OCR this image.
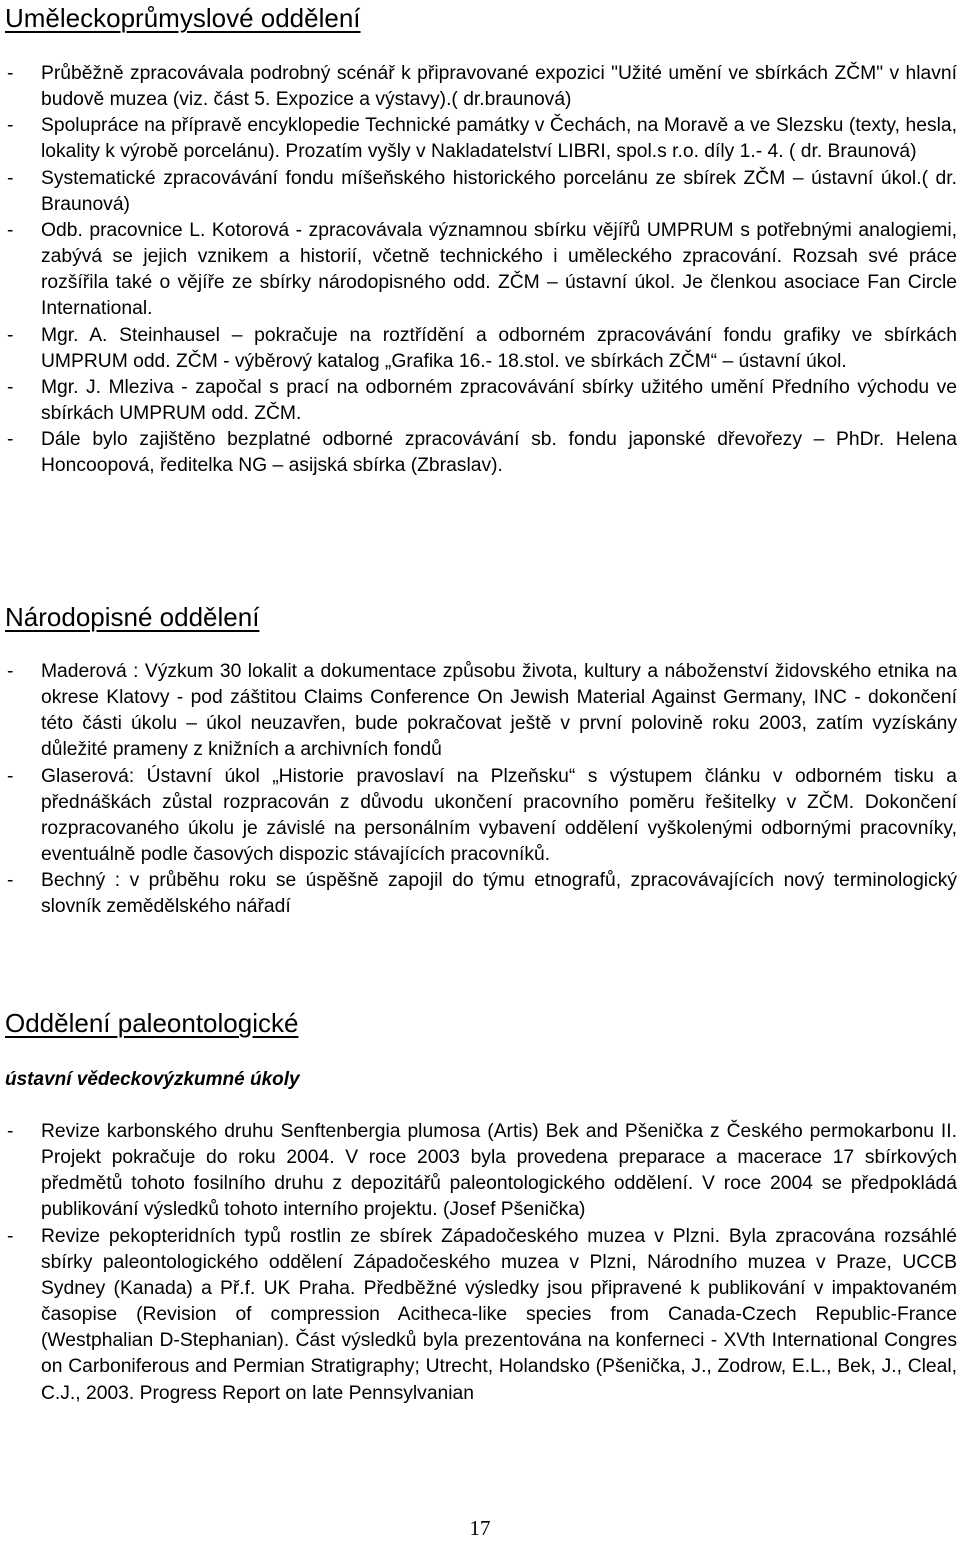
Uměleckoprůmyslové oddělení
- Průběžně zpracovávala podrobný scénář k připravované expozici "Užité umění ve sbírkách ZČM" v hlavní budově muzea (viz. část 5. Expozice a výstavy).( dr.braunová)
- Spolupráce na přípravě encyklopedie Technické památky v Čechách, na Moravě a ve Slezsku (texty, hesla, lokality k výrobě porcelánu). Prozatím vyšly v Nakladatelství LIBRI, spol.s r.o. díly 1.- 4. ( dr. Braunová)
- Systematické zpracovávání fondu míšeňského historického porcelánu ze sbírek ZČM – ústavní úkol.( dr. Braunová)
- Odb. pracovnice L. Kotorová - zpracovávala významnou sbírku vějířů UMPRUM s potřebnými analogiemi, zabývá se jejich vznikem a historií, včetně technického i uměleckého zpracování. Rozsah své práce rozšířila také o vějíře ze sbírky národopisného odd. ZČM – ústavní úkol. Je členkou asociace Fan Circle International.
- Mgr. A. Steinhausel – pokračuje na roztřídění a odborném zpracovávání fondu grafiky ve sbírkách UMPRUM odd. ZČM - výběrový katalog „Grafika 16.- 18.stol. ve sbírkách ZČM“ – ústavní úkol.
- Mgr. J. Mleziva - započal s prací na odborném zpracovávání sbírky užitého umění Předního východu ve sbírkách UMPRUM odd. ZČM.
- Dále bylo zajištěno bezplatné odborné zpracovávání sb. fondu japonské dřevořezy – PhDr. Helena Honcoopová, ředitelka NG – asijská sbírka (Zbraslav).
Národopisné oddělení
- Maderová : Výzkum 30 lokalit a dokumentace způsobu života, kultury a náboženství židovského etnika na okrese Klatovy - pod záštitou Claims Conference On Jewish Material Against Germany, INC - dokončení této části úkolu – úkol neuzavřen, bude pokračovat ještě v první polovině roku 2003, zatím vyzískány důležité prameny z knižních a archivních fondů
- Glaserová: Ústavní úkol „Historie pravoslaví na Plzeňsku“ s výstupem článku v odborném tisku a přednáškách zůstal rozpracován z důvodu ukončení pracovního poměru řešitelky v ZČM. Dokončení rozpracovaného úkolu je závislé na personálním vybavení oddělení vyškolenými odbornými pracovníky, eventuálně podle časových dispozic stávajících pracovníků.
- Bechný : v průběhu roku se úspěšně zapojil do týmu etnografů, zpracovávajících nový terminologický slovník zemědělského nářadí
Oddělení paleontologické
ústavní vědeckovýzkumné úkoly
- Revize karbonského druhu Senftenbergia plumosa (Artis) Bek and Pšenička z Českého permokarbonu II. Projekt pokračuje do roku 2004. V roce 2003 byla provedena preparace a macerace 17 sbírkových předmětů tohoto fosilního druhu z depozitářů paleontologického oddělení. V roce 2004 se předpokládá publikování výsledků tohoto interního projektu. (Josef Pšenička)
- Revize pekopteridních typů rostlin ze sbírek Západočeského muzea v Plzni. Byla zpracována rozsáhlé sbírky paleontologického oddělení Západočeského muzea v Plzni, Národního muzea v Praze, UCCB Sydney (Kanada) a Př.f. UK Praha. Předběžné výsledky jsou připravené k publikování v impaktovaném časopise (Revision of compression Acitheca-like species from Canada-Czech Republic-France (Westphalian D-Stephanian). Část výsledků byla prezentována na konferneci - XVth International Congres on Carboniferous and Permian Stratigraphy; Utrecht, Holandsko (Pšenička, J., Zodrow, E.L., Bek, J., Cleal, C.J., 2003. Progress Report on late Pennsylvanian
17
